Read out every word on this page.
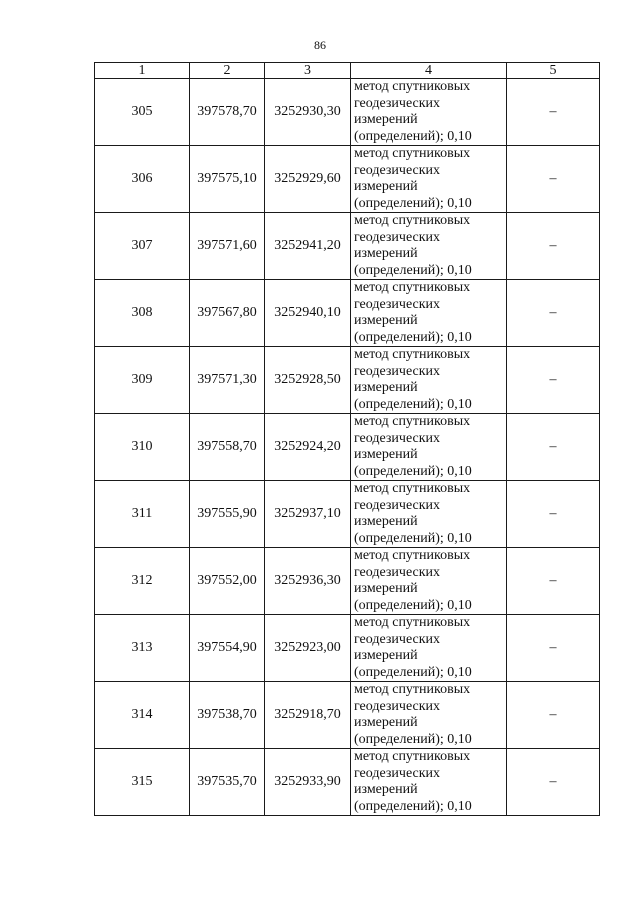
86
1	2	3	4	5
305	397578,70	3252930,30	метод спутниковых
геодезических
измерений
(определений); 0,10	–
306	397575,10	3252929,60	метод спутниковых
геодезических
измерений
(определений); 0,10	–
307	397571,60	3252941,20	метод спутниковых
геодезических
измерений
(определений); 0,10	–
308	397567,80	3252940,10	метод спутниковых
геодезических
измерений
(определений); 0,10	–
309	397571,30	3252928,50	метод спутниковых
геодезических
измерений
(определений); 0,10	–
310	397558,70	3252924,20	метод спутниковых
геодезических
измерений
(определений); 0,10	–
311	397555,90	3252937,10	метод спутниковых
геодезических
измерений
(определений); 0,10	–
312	397552,00	3252936,30	метод спутниковых
геодезических
измерений
(определений); 0,10	–
313	397554,90	3252923,00	метод спутниковых
геодезических
измерений
(определений); 0,10	–
314	397538,70	3252918,70	метод спутниковых
геодезических
измерений
(определений); 0,10	–
315	397535,70	3252933,90	метод спутниковых
геодезических
измерений
(определений); 0,10	–
